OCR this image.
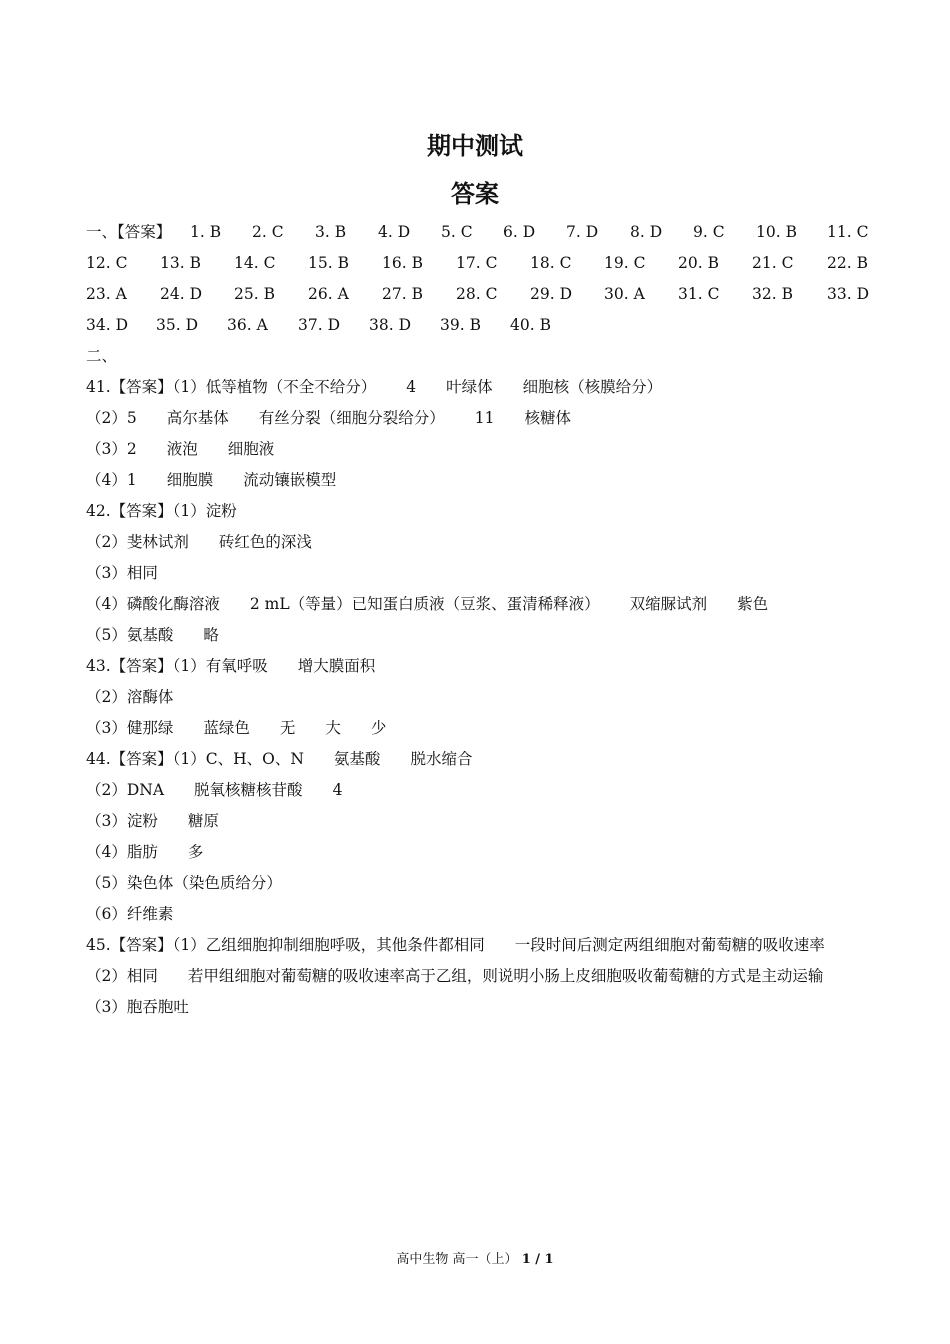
期中测试
答案
一、【答案】 1. B 2. C 3. B 4. D 5. C 6. D 7. D 8. D 9. C 10. B 11. C
12. C 13. B 14. C 15. B 16. B 17. C 18. C 19. C 20. B 21. C 22. B
23. A 24. D 25. B 26. A 27. B 28. C 29. D 30. A 31. C 32. B 33. D
34. D 35. D 36. A 37. D 38. D 39. B 40. B
二、
41.【答案】（1）低等植物（不全不给分） 4 叶绿体 细胞核（核膜给分）
（2）5 高尔基体 有丝分裂（细胞分裂给分） 11 核糖体
（3）2 液泡 细胞液
（4）1 细胞膜 流动镶嵌模型
42.【答案】（1）淀粉
（2）斐林试剂 砖红色的深浅
（3）相同
（4）磷酸化酶溶液 2 mL（等量）已知蛋白质液（豆浆、蛋清稀释液） 双缩脲试剂 紫色
（5）氨基酸 略
43.【答案】（1）有氧呼吸 增大膜面积
（2）溶酶体
（3）健那绿 蓝绿色 无 大 少
44.【答案】（1）C、H、O、N 氨基酸 脱水缩合
（2）DNA 脱氧核糖核苷酸 4
（3）淀粉 糖原
（4）脂肪 多
（5）染色体（染色质给分）
（6）纤维素
45.【答案】（1）乙组细胞抑制细胞呼吸，其他条件都相同 一段时间后测定两组细胞对葡萄糖的吸收速率
（2）相同 若甲组细胞对葡萄糖的吸收速率高于乙组，则说明小肠上皮细胞吸收葡萄糖的方式是主动运输
（3）胞吞胞吐
高中生物 高一（上） 1 / 1
